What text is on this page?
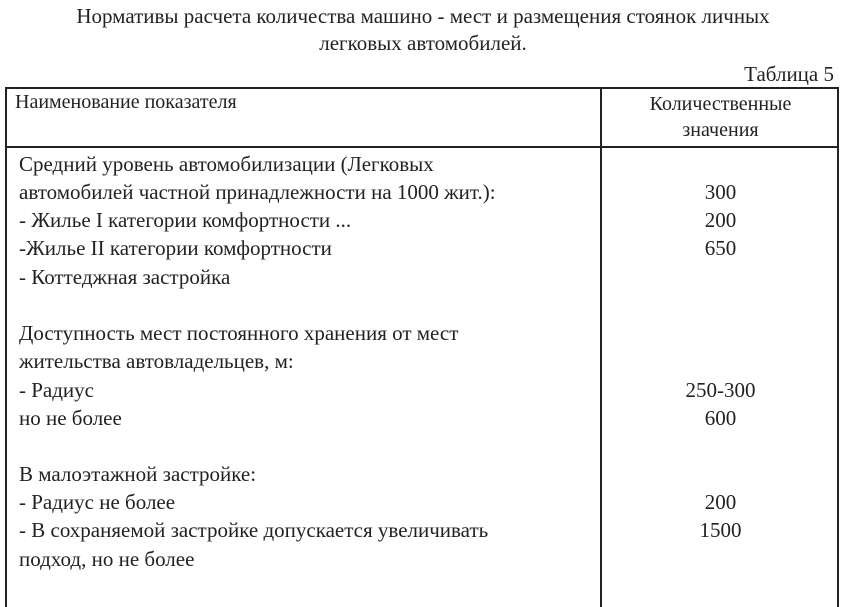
Нормативы расчета количества машино - мест и размещения стоянок личных
легковых автомобилей.
Таблица 5
Наименование показателя	Количественные
значения
Средний уровень автомобилизации (Легковых
автомобилей частной принадлежности на 1000 жит.):	300
- Жилье I категории комфортности ...	200
-Жилье II категории комфортности	650
- Коттеджная застройка
Доступность мест постоянного хранения от мест
жительства автовладельцев, м:
- Радиус	250-300
но не более	600
В малоэтажной застройке:
- Радиус не более	200
- В сохраняемой застройке допускается увеличивать	1500
подход, но не более
